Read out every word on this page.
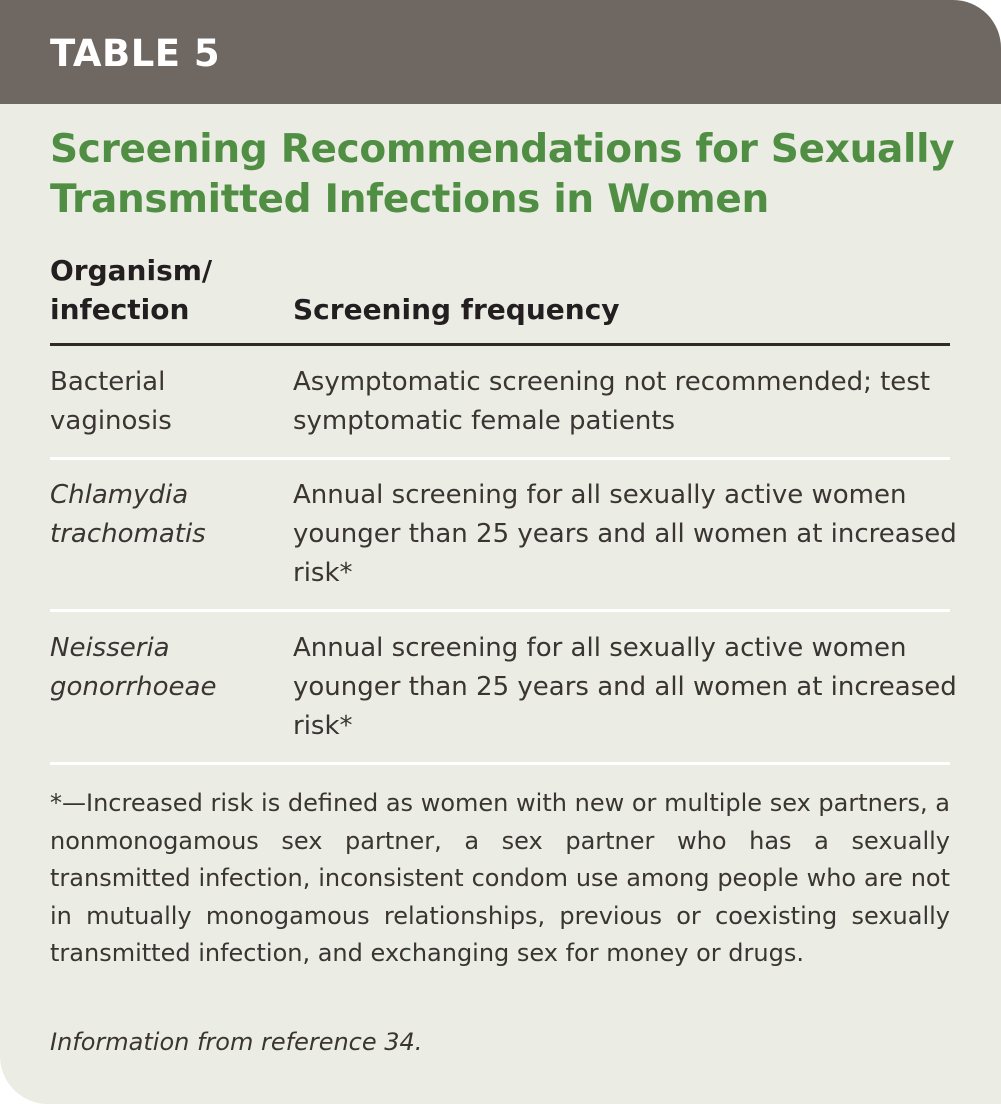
TABLE 5
Screening Recommendations for Sexually Transmitted Infections in Women
Organism/ infection	Screening frequency
Bacterial vaginosis
Asymptomatic screening not recommended; test symptomatic female patients
Chlamydia trachomatis
Annual screening for all sexually active women younger than 25 years and all women at increased risk*
Neisseria gonorrhoeae
Annual screening for all sexually active women younger than 25 years and all women at increased risk*
*—Increased risk is defined as women with new or multiple sex partners, a nonmonogamous sex partner, a sex partner who has a sexually transmitted infection, inconsistent condom use among people who are not in mutually monogamous relationships, previous or coexisting sexually transmitted infection, and exchanging sex for money or drugs.
Information from reference 34.
